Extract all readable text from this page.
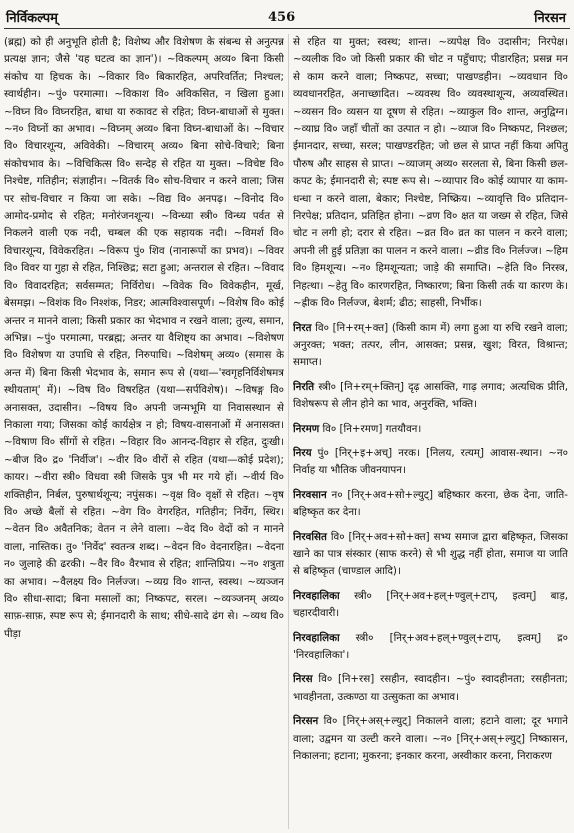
निर्विकल्पम्	456	निरसन

(ब्रह्म) को ही अनुभूति होती है; विशेष्य और विशेषण के संबन्ध से अनुत्पन्न प्रत्यक्ष ज्ञान; जैसे 'यह घटत्व का ज्ञान')। ~विकल्पम् अव्य० बिना किसी संकोच या हिचक के। ~विकार वि० बिकारहित, अपरिवर्तित; निश्चल; स्वार्थहीन। ~पुं० परमात्मा। ~विकाश वि० अविकसित, न खिला हुआ। ~विघ्न वि० विघ्नरहित, बाधा या रुकावट से रहित; विघ्न-बाधाओं से मुक्त। ~न० विघ्नों का अभाव। ~विघ्नम् अव्य० बिना विघ्न-बाधाओं के। ~विचार वि० विचारशून्य, अविवेकी। ~विचारम् अव्य० बिना सोचे-विचारे; बिना संकोचभाव के। ~विचिकित्स वि० सन्देह से रहित या मुक्त। ~विचेष्ट वि० निश्चेष्ट, गतिहीन; संज्ञाहीन। ~वितर्क वि० सोच-विचार न करने वाला; जिस पर सोच-विचार न किया जा सके। ~विद्य वि० अनपढ़। ~विनोद वि० आमोद-प्रमोद से रहित; मनोरंजनशून्य। ~विन्ध्या स्त्री० विन्ध्य पर्वत से निकलने वाली एक नदी, चम्बल की एक सहायक नदी। ~विमर्श वि० विचारशून्य, विवेकरहित। ~विरूप पुं० शिव (नानारूपों का प्रभव)। ~विवर वि० विवर या गुहा से रहित, निश्छिद्र; सटा हुआ; अन्तराल से रहित। ~विवाद वि० विवादरहित; सर्वसम्मत; निर्विरोध। ~विवेक वि० विवेकहीन, मूर्ख, बेसमझ। ~विशंक वि० निश्शंक, निडर; आत्मविश्वासपूर्ण। ~विशेष वि० कोई अन्तर न मानने वाला; किसी प्रकार का भेदभाव न रखने वाला; तुल्य, समान, अभिन्न। ~पुं० परमात्मा, परब्रह्म; अन्तर या वैशिष्ट्य का अभाव। ~विशेषण वि० विशेषण या उपाधि से रहित, निरुपाधि। ~विशेषम् अव्य० (समास के अन्त में) बिना किसी भेदभाव के, समान रूप से (यथा—'स्वगृहनिर्विशेषमत्र स्थीयताम्' में)। ~विष वि० विषरहित (यथा—सर्पविशेष)। ~विषङ्ग वि० अनासक्त, उदासीन। ~विषय वि० अपनी जन्मभूमि या निवासस्थान से निकाला गया; जिसका कोई कार्यक्षेत्र न हो; विषय-वासनाओं में अनासक्त। ~विषाण वि० सींगों से रहित। ~विहार वि० आनन्द-विहार से रहित, दुःखी। ~बीज वि० द्र० 'निर्वीज'। ~वीर वि० वीरों से रहित (यथा—कोई प्रदेश); कायर। ~वीरा स्त्री० विधवा स्त्री जिसके पुत्र भी मर गये हों। ~वीर्य वि० शक्तिहीन, निर्बल, पुरुषार्थशून्य; नपुंसक। ~वृक्ष वि० वृक्षों से रहित। ~वृष वि० अच्छे बैलों से रहित। ~वेग वि० वेगरहित, गतिहीन; निर्वेग, स्थिर। ~वेतन वि० अवैतनिक; वेतन न लेने वाला। ~वेद वि० वेदों को न मानने वाला, नास्तिक। तु० 'निर्वेद' स्वतन्त्र शब्द। ~वेदन वि० वेदनारहित। ~वेदना न० जुलाहे की ढरकी। ~वैर वि० वैरभाव से रहित; शान्तिप्रिय। ~न० शत्रुता का अभाव। ~वैलक्ष्य वि० निर्लज्ज। ~व्यग्र वि० शान्त, स्वस्थ। ~व्यञ्जन वि० सीधा-सादा; बिना मसालों का; निष्कपट, सरल। ~व्यञ्जनम् अव्य० साफ़-साफ़, स्पष्ट रूप से; ईमानदारी के साथ; सीधे-सादे ढंग से। ~व्यथ वि० पीड़ा

से रहित या मुक्त; स्वस्थ; शान्त। ~व्यपेक्ष वि० उदासीन; निरपेक्ष। ~व्यलीक वि० जो किसी प्रकार की चोट न पहुँचाए; पीडारहित; प्रसन्न मन से काम करने वाला; निष्कपट, सच्चा; पाखण्डहीन। ~व्यवधान वि० व्यवधानरहित, अनाच्छादित। ~व्यवस्थ वि० व्यवस्थाशून्य, अव्यवस्थित। ~व्यसन वि० व्यसन या दूषण से रहित। ~व्याकुल वि० शान्त, अनुद्विग्न। ~व्याघ्र वि० जहाँ चीतों का उत्पात न हो। ~व्याज वि० निष्कपट, निश्छल; ईमानदार, सच्चा, सरल; पाखण्डरहित; जो छल से प्राप्त नहीं किया अपितु पौरुष और साहस से प्राप्त। ~व्याजम् अव्य० सरलता से, बिना किसी छल-कपट के; ईमानदारी से; स्पष्ट रूप से। ~व्यापार वि० कोई व्यापार या काम-धन्धा न करने वाला, बेकार; निश्चेष्ट, निष्क्रिय। ~व्यावृत्ति वि० प्रतिदान-निरपेक्ष; प्रतिदान, प्रतिहित होना। ~व्रण वि० क्षत या जख्म से रहित, जिसे चोट न लगी हो; दरार से रहित। ~व्रत वि० व्रत का पालन न करने वाला; अपनी ली हुई प्रतिज्ञा का पालन न करने वाला। ~व्रीड वि० निर्लज्ज। ~हिम वि० हिमशून्य। ~न० हिमशून्यता; जाड़े की समाप्ति। ~हेति वि० निरस्त्र, निहत्था। ~हेतु वि० कारणरहित, निष्कारण; बिना किसी तर्क या कारण के। ~ह्रीक वि० निर्लज्ज, बेशर्म; ढीठ; साहसी, निर्भीक।

निरत वि० [नि+रम्+क्त] (किसी काम में) लगा हुआ या रुचि रखने वाला; अनुरक्त; भक्त; तत्पर, लीन, आसक्त; प्रसन्न, खुश; विरत, विश्रान्त; समाप्त।

निरति स्त्री० [नि+रम्+क्तिन्] दृढ़ आसक्ति, गाढ़ लगाव; अत्यधिक प्रीति, विशेषरूप से लीन होने का भाव, अनुरक्ति, भक्ति।

निरमण वि० [नि+रमण] गतयौवन।

निरय पुं० [निर्+इ+अच्] नरक। [निलय, रत्यम्] आवास-स्थान। ~न० निर्वाह या भौतिक जीवनयापन।

निरवसान न० [निर्+अव+सो+ल्युट्] बहिष्कार करना, छेक देना, जाति-बहिष्कृत कर देना।

निरवसित वि० [निर्+अव+सो+क्त] सभ्य समाज द्वारा बहिष्कृत, जिसका खाने का पात्र संस्कार (साफ करने) से भी शुद्ध नहीं होता, समाज या जाति से बहिष्कृत (चाण्डाल आदि)।

निरवहालिका स्त्री० [निर्+अव+हल्+ण्वुल्+टाप्, इत्वम्] बाड़, चहारदीवारी।

निरवहालिका स्त्री० [निर्+अव+हल्+ण्वुल्+टाप्, इत्वम्] द्र० 'निरवहालिका'।

निरस वि० [नि+रस] रसहीन, स्वादहीन। ~पुं० स्वादहीनता; रसहीनता; भावहीनता, उत्कण्ठा या उत्सुकता का अभाव।

निरसन वि० [निर्+अस्+ल्युट्] निकालने वाला; हटाने वाला; दूर भगाने वाला; उद्वमन या उल्टी करने वाला। ~न० [निर्+अस्+ल्युट्] निष्कासन, निकालना; हटाना; मुकरना; इनकार करना, अस्वीकार करना, निराकरण
